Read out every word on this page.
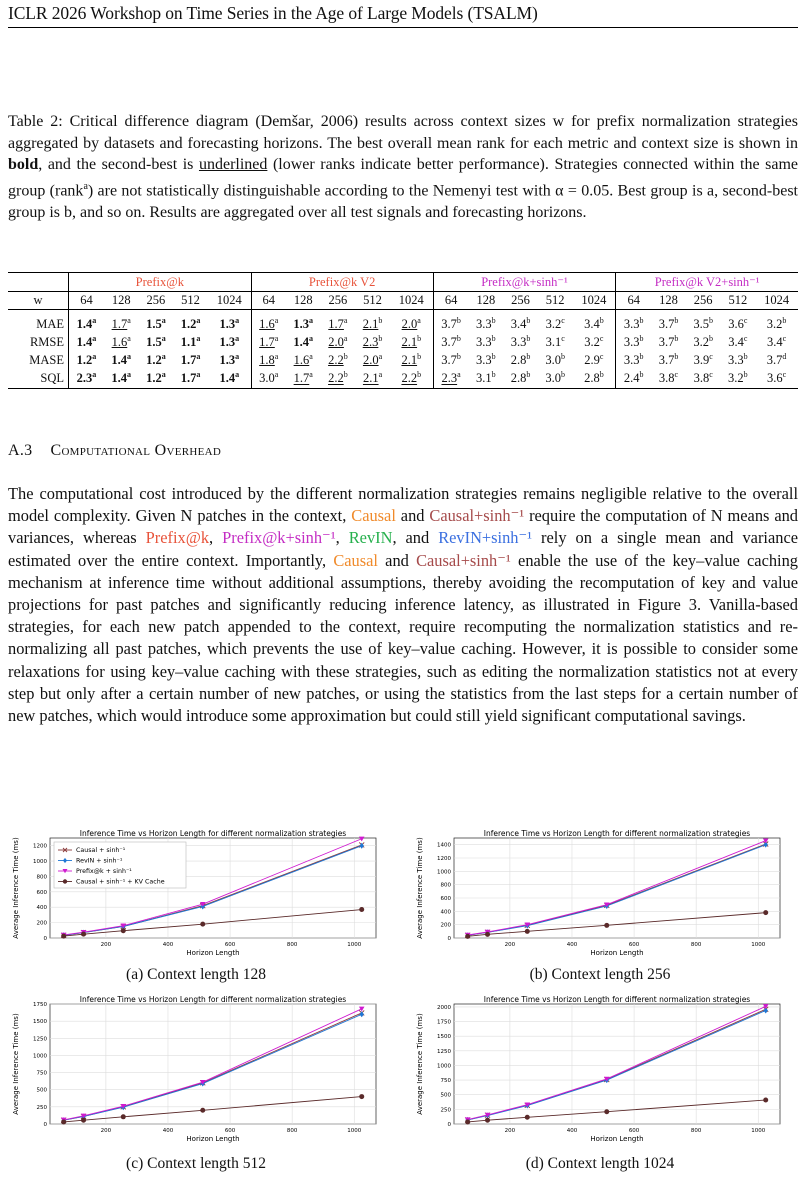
ICLR 2026 Workshop on Time Series in the Age of Large Models (TSALM)

Table 2: Critical difference diagram (Demšar, 2006) results across context sizes w for prefix normalization strategies aggregated by datasets and forecasting horizons. The best overall mean rank for each metric and context size is shown in bold, and the second-best is underlined (lower ranks indicate better performance). Strategies connected within the same group (rank$^a$) are not statistically distinguishable according to the Nemenyi test with α = 0.05. Best group is a, second-best group is b, and so on. Results are aggregated over all test signals and forecasting horizons.

	Prefix@k					Prefix@k V2					Prefix@k+sinh⁻¹					Prefix@k V2+sinh⁻¹				
w	64	128	256	512	1024	64	128	256	512	1024	64	128	256	512	1024	64	128	256	512	1024
MAE	1.4$^a$	1.7$^a$	1.5$^a$	1.2$^a$	1.3$^a$	1.6$^a$	1.3$^a$	1.7$^a$	2.1$^b$	2.0$^a$	3.7$^b$	3.3$^b$	3.4$^b$	3.2$^c$	3.4$^b$	3.3$^b$	3.7$^b$	3.5$^b$	3.6$^c$	3.2$^b$
RMSE	1.4$^a$	1.6$^a$	1.5$^a$	1.1$^a$	1.3$^a$	1.7$^a$	1.4$^a$	2.0$^a$	2.3$^b$	2.1$^b$	3.7$^b$	3.3$^b$	3.3$^b$	3.1$^c$	3.2$^c$	3.3$^b$	3.7$^b$	3.2$^b$	3.4$^c$	3.4$^c$
MASE	1.2$^a$	1.4$^a$	1.2$^a$	1.7$^a$	1.3$^a$	1.8$^a$	1.6$^a$	2.2$^b$	2.0$^a$	2.1$^b$	3.7$^b$	3.3$^b$	2.8$^b$	3.0$^b$	2.9$^c$	3.3$^b$	3.7$^b$	3.9$^c$	3.3$^b$	3.7$^d$
SQL	2.3$^a$	1.4$^a$	1.2$^a$	1.7$^a$	1.4$^a$	3.0$^a$	1.7$^a$	2.2$^b$	2.1$^a$	2.2$^b$	2.3$^a$	3.1$^b$	2.8$^b$	3.0$^b$	2.8$^b$	2.4$^b$	3.8$^c$	3.8$^c$	3.2$^b$	3.6$^c$
A.3 Computational Overhead

The computational cost introduced by the different normalization strategies remains negligible relative to the overall model complexity. Given N patches in the context, Causal and Causal+sinh⁻¹ require the computation of N means and variances, whereas Prefix@k, Prefix@k+sinh⁻¹, RevIN, and RevIN+sinh⁻¹ rely on a single mean and variance estimated over the entire context. Importantly, Causal and Causal+sinh⁻¹ enable the use of the key–value caching mechanism at inference time without additional assumptions, thereby avoiding the recomputation of key and value projections for past patches and significantly reducing inference latency, as illustrated in Figure 3. Vanilla-based strategies, for each new patch appended to the context, require recomputing the normalization statistics and re-normalizing all past patches, which prevents the use of key–value caching. However, it is possible to consider some relaxations for using key–value caching with these strategies, such as editing the normalization statistics not at every step but only after a certain number of new patches, or using the statistics from the last steps for a certain number of new patches, which would introduce some approximation but could still yield significant computational savings.

Inference Time vs Horizon Length for different normalization strategies
200	400	600	800	1000
0
200
400
600
800
1000
1200
Horizon Length
Average Inference Time (ms)	Causal + sinh⁻¹
RevIN + sinh⁻¹
Prefix@k + sinh⁻¹
Causal + sinh⁻¹ + KV Cache
Inference Time vs Horizon Length for different normalization strategies
200	400	600	800	1000
0
200
400
600
800
1000
1200
1400
Horizon Length
Average Inference Time (ms)
Inference Time vs Horizon Length for different normalization strategies
200	400	600	800	1000
0
250
500
750
1000
1250
1500
1750
Horizon Length
Average Inference Time (ms)
Inference Time vs Horizon Length for different normalization strategies
200	400	600	800	1000
0
250
500
750
1000
1250
1500
1750
2000
Horizon Length
Average Inference Time (ms)
(a) Context length 128	(b) Context length 256
(c) Context length 512	(d) Context length 1024
